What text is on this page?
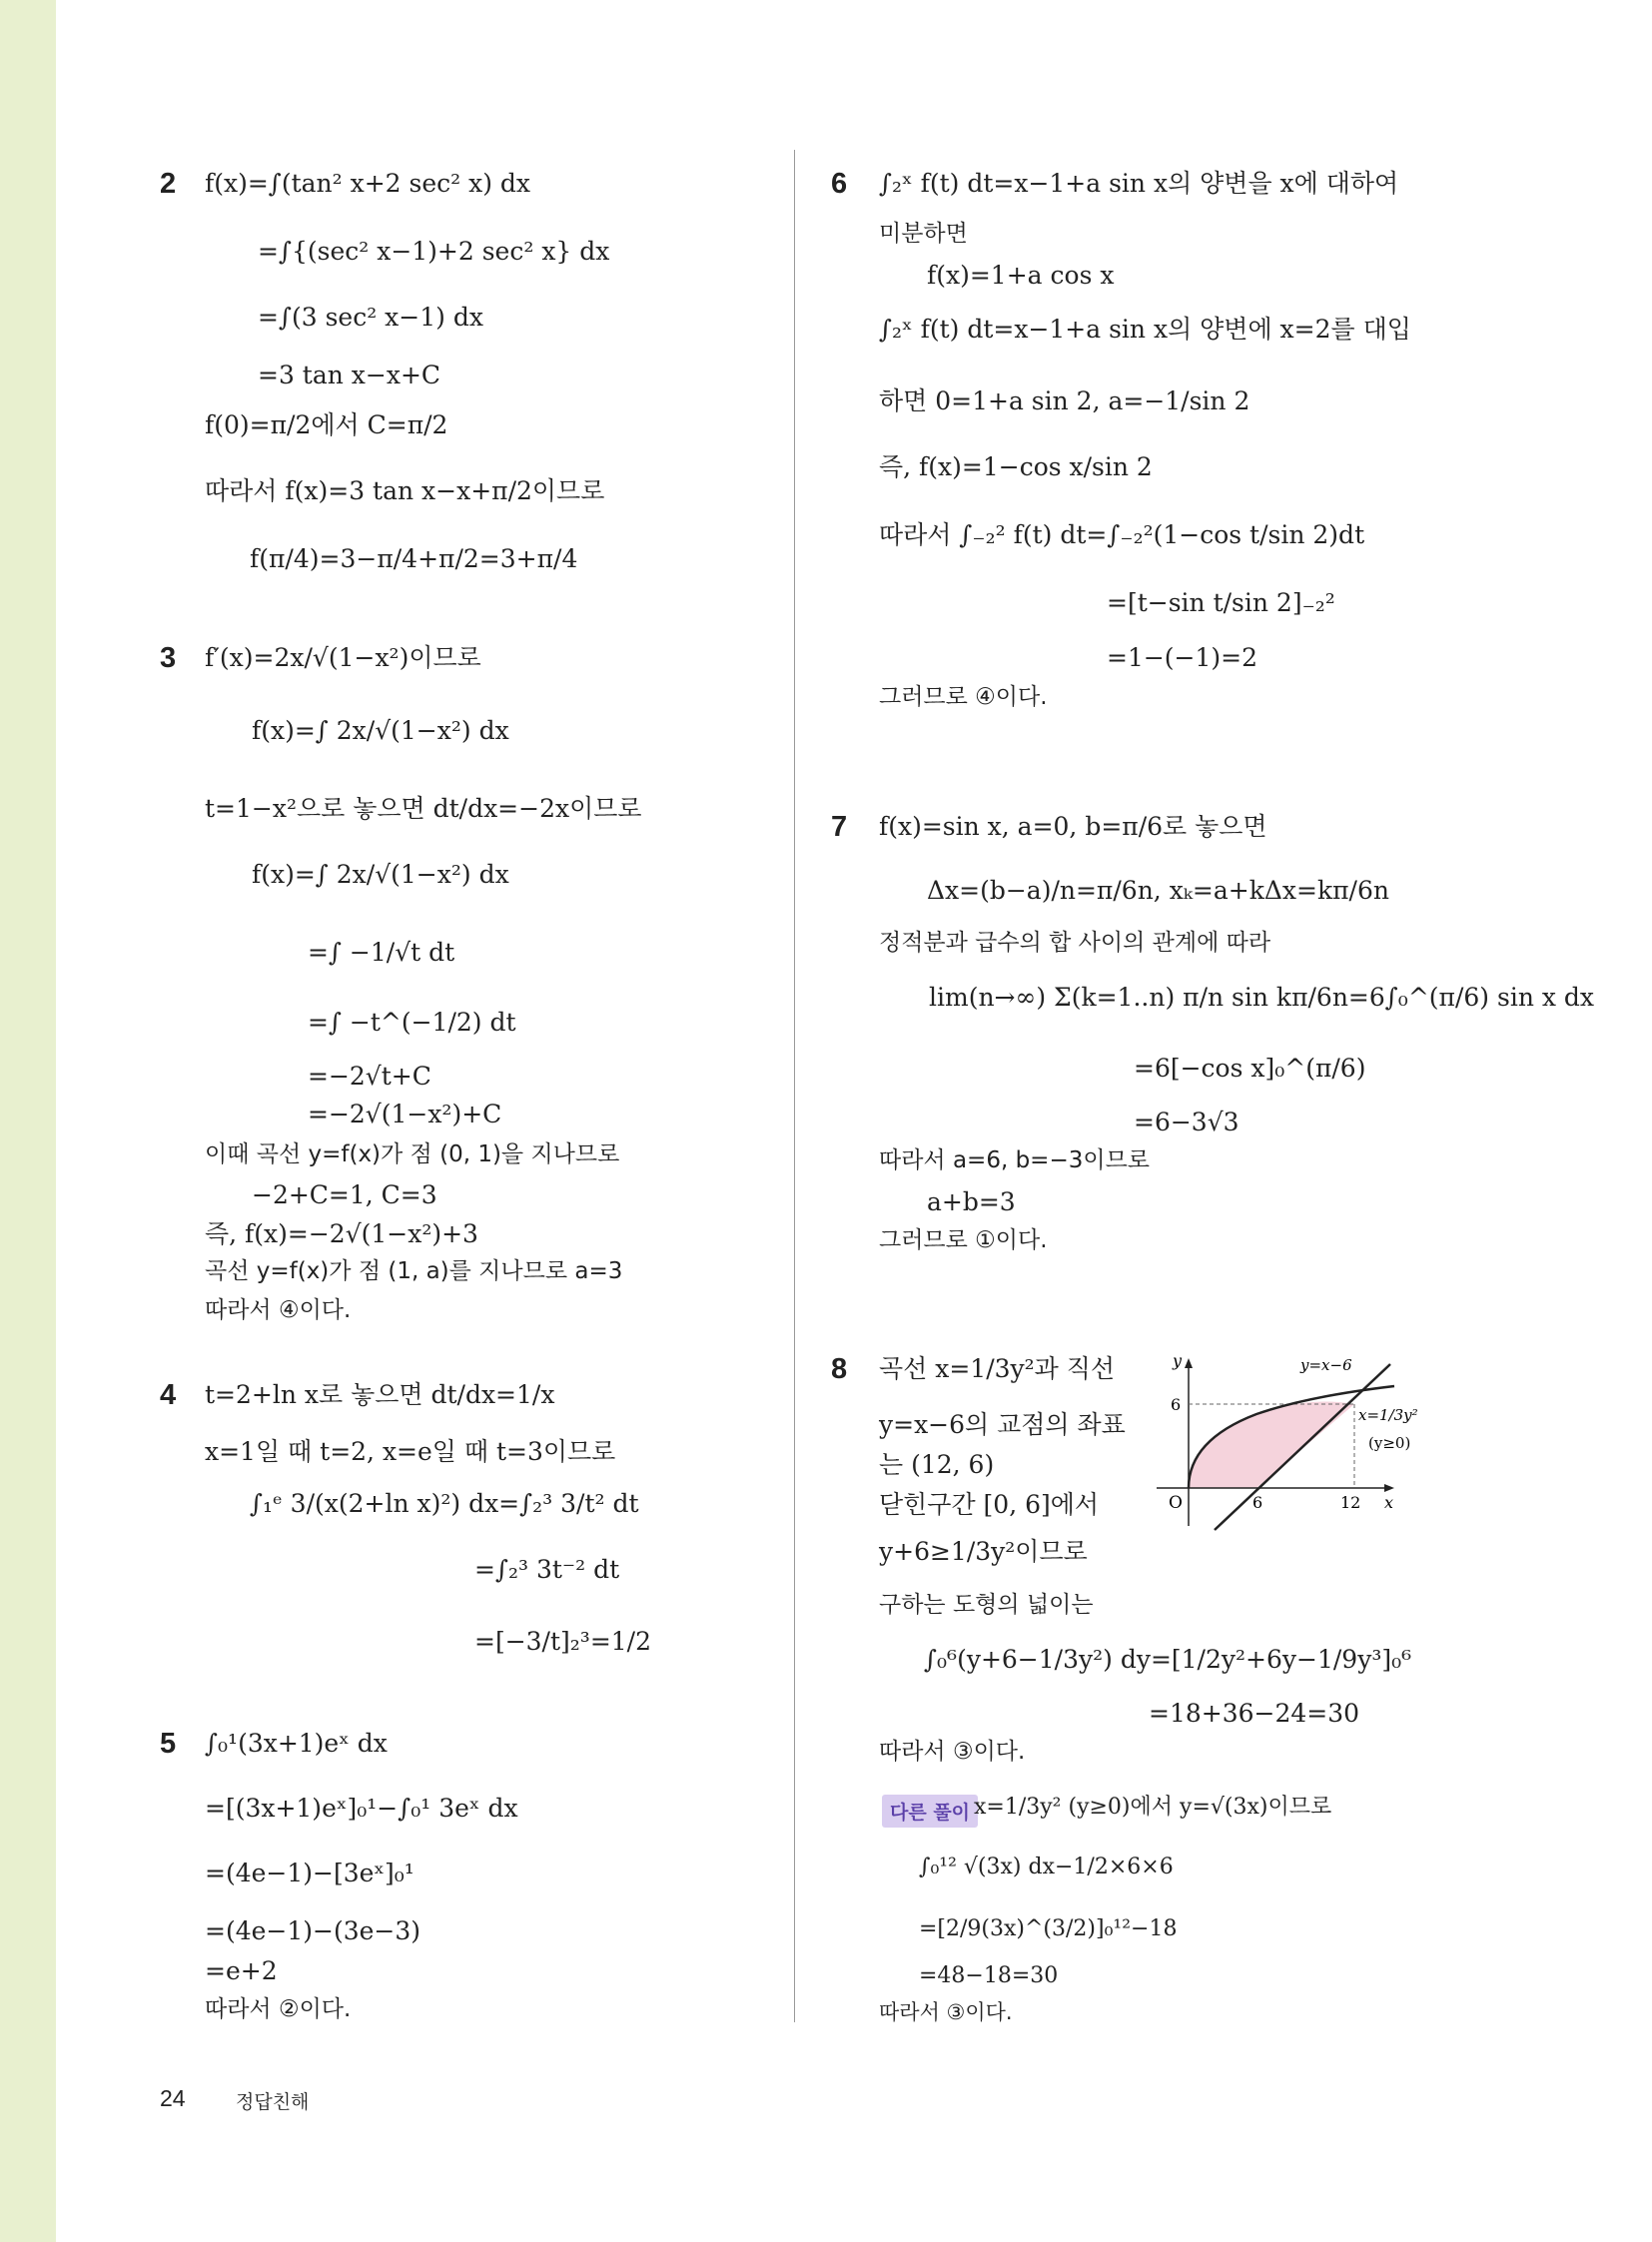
2 f(x)=∫(tan² x+2 sec² x) dx
=∫{(sec² x−1)+2 sec² x} dx
=∫(3 sec² x−1) dx
=3 tan x−x+C
f(0)=π/2에서 C=π/2
따라서 f(x)=3 tan x−x+π/2이므로
f(π/4)=3−π/4+π/2=3+π/4
3 f′(x)=2x/√(1−x²)이므로
f(x)=∫ 2x/√(1−x²) dx
t=1−x²으로 놓으면 dt/dx=−2x이므로
f(x)=∫ 2x/√(1−x²) dx
=∫ −1/√t dt
=∫ −t^(−1/2) dt
=−2√t+C
=−2√(1−x²)+C
이때 곡선 y=f(x)가 점 (0, 1)을 지나므로
−2+C=1, C=3
즉, f(x)=−2√(1−x²)+3
곡선 y=f(x)가 점 (1, a)를 지나므로 a=3
따라서 ④이다.
4 t=2+ln x로 놓으면 dt/dx=1/x
x=1일 때 t=2, x=e일 때 t=3이므로
∫₁ᵉ 3/(x(2+ln x)²) dx=∫₂³ 3/t² dt
=∫₂³ 3t⁻² dt
=[−3/t]₂³=1/2
5 ∫₀¹(3x+1)eˣ dx
=[(3x+1)eˣ]₀¹−∫₀¹ 3eˣ dx
=(4e−1)−[3eˣ]₀¹
=(4e−1)−(3e−3)
=e+2
따라서 ②이다.
6 ∫₂ˣ f(t) dt=x−1+a sin x의 양변을 x에 대하여
미분하면
f(x)=1+a cos x
∫₂ˣ f(t) dt=x−1+a sin x의 양변에 x=2를 대입
하면 0=1+a sin 2, a=−1/sin 2
즉, f(x)=1−cos x/sin 2
따라서 ∫₋₂² f(t) dt=∫₋₂²(1−cos t/sin 2)dt
=[t−sin t/sin 2]₋₂²
=1−(−1)=2
그러므로 ④이다.
7 f(x)=sin x, a=0, b=π/6로 놓으면
Δx=(b−a)/n=π/6n, xₖ=a+kΔx=kπ/6n
정적분과 급수의 합 사이의 관계에 따라
lim(n→∞) Σ(k=1..n) π/n sin kπ/6n=6∫₀^(π/6) sin x dx
=6[−cos x]₀^(π/6)
=6−3√3
따라서 a=6, b=−3이므로
a+b=3
그러므로 ①이다.
8 곡선 x=1/3y²과 직선
y=x−6의 교점의 좌표
는 (12, 6)
닫힌구간 [0, 6]에서
y+6≥1/3y²이므로
구하는 도형의 넓이는
∫₀⁶(y+6−1/3y²) dy=[1/2y²+6y−1/9y³]₀⁶
=18+36−24=30
따라서 ③이다.
다른 풀이 x=1/3y² (y≥0)에서 y=√(3x)이므로
∫₀¹² √(3x) dx−1/2×6×6
=[2/9(3x)^(3/2)]₀¹²−18
=48−18=30
따라서 ③이다.
y
x
O
6
6	12
y=x−6
x=1/3y²
(y≥0)
24	정답친해
